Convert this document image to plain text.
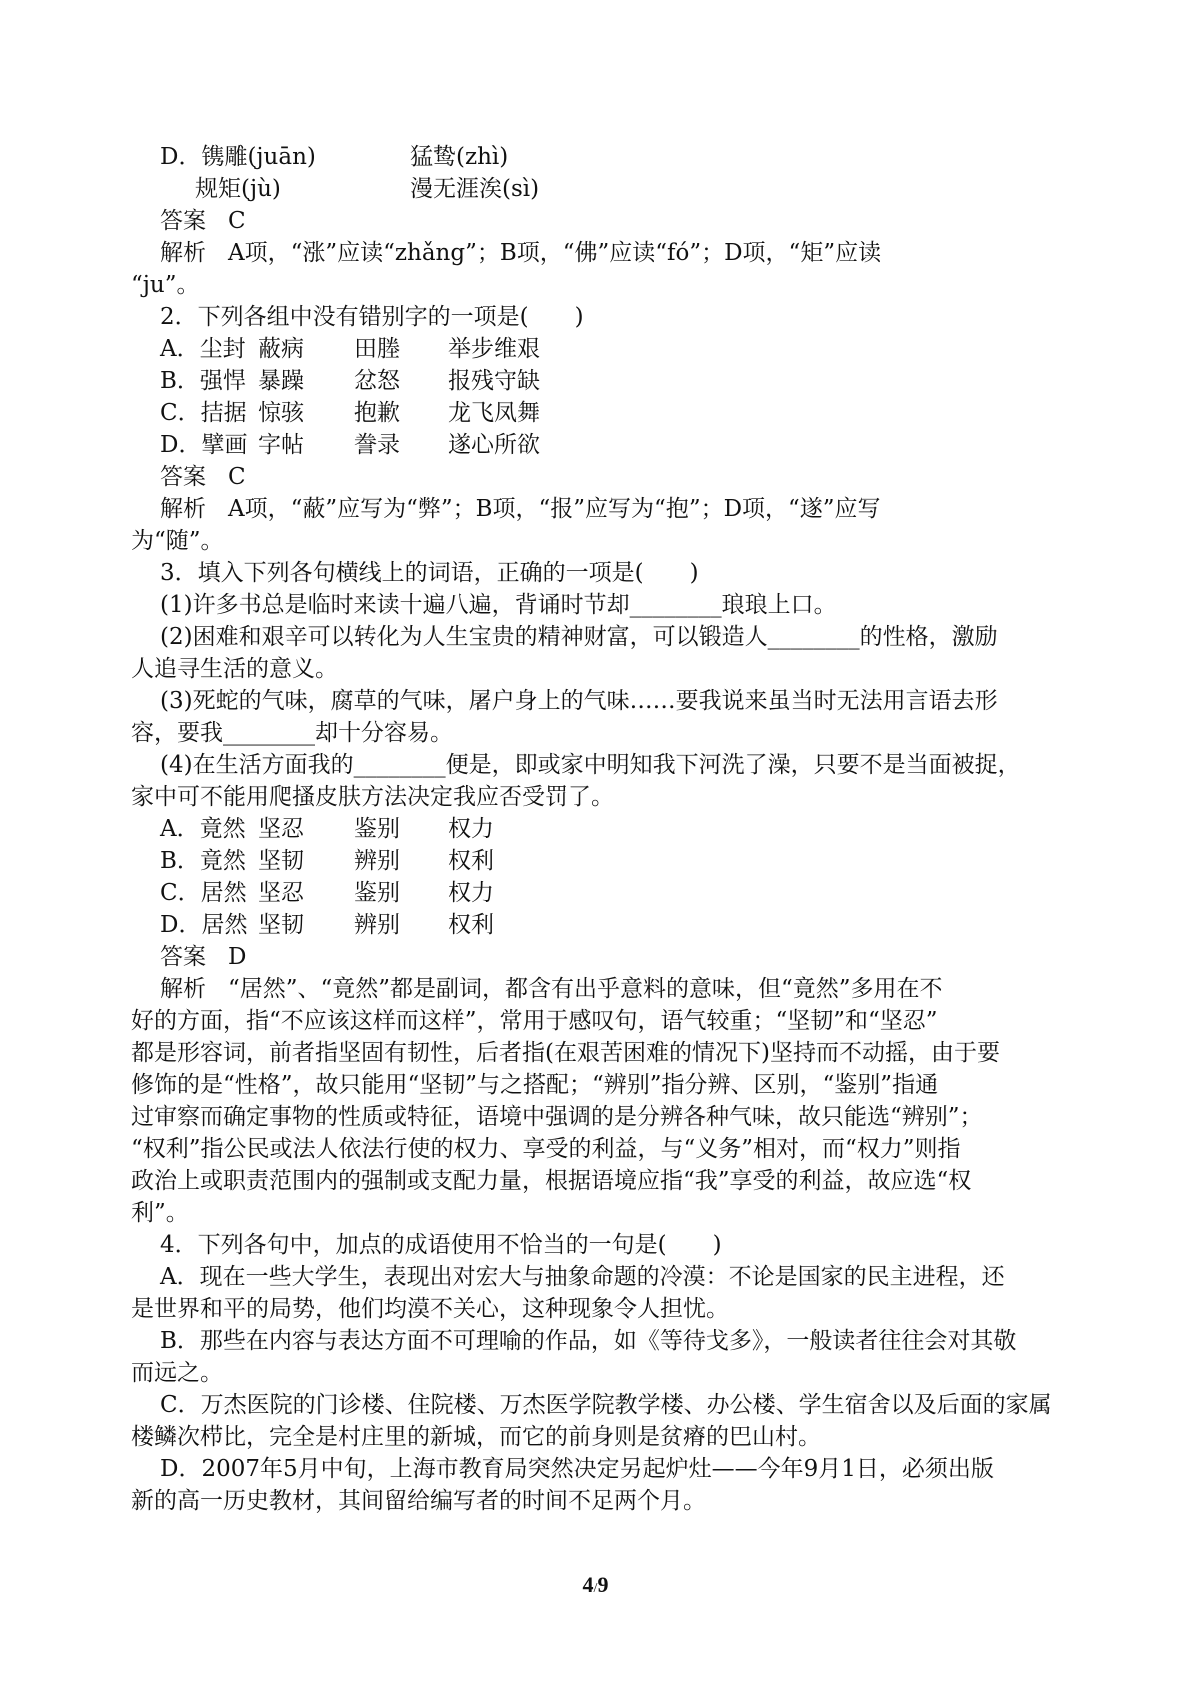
D．镌雕(juān)	猛鸷(zhì)
规矩(jù)	漫无涯涘(sì)
答案 C
解析 A项，“涨”应读“zhǎng”；B项，“佛”应读“fó”；D项，“矩”应读
“ju”。
2．下列各组中没有错别字的一项是(　　)
A．尘封 蔽病	田塍	举步维艰
B．强悍 暴躁	忿怒	报残守缺
C．拮据 惊骇	抱歉	龙飞凤舞
D．擘画 字帖	誊录	遂心所欲
答案 C
解析 A项，“蔽”应写为“弊”；B项，“报”应写为“抱”；D项，“遂”应写
为“随”。
3．填入下列各句横线上的词语，正确的一项是(　　)
(1)许多书总是临时来读十遍八遍，背诵时节却________琅琅上口。
(2)困难和艰辛可以转化为人生宝贵的精神财富，可以锻造人________的性格，激励
人追寻生活的意义。
(3)死蛇的气味，腐草的气味，屠户身上的气味……要我说来虽当时无法用言语去形
容，要我________却十分容易。
(4)在生活方面我的________便是，即或家中明知我下河洗了澡，只要不是当面被捉，
家中可不能用爬搔皮肤方法决定我应否受罚了。
A．竟然 坚忍	鉴别	权力
B．竟然 坚韧	辨别	权利
C．居然 坚忍	鉴别	权力
D．居然 坚韧	辨别	权利
答案 D
解析 “居然”、“竟然”都是副词，都含有出乎意料的意味，但“竟然”多用在不
好的方面，指“不应该这样而这样”，常用于感叹句，语气较重；“坚韧”和“坚忍”
都是形容词，前者指坚固有韧性，后者指(在艰苦困难的情况下)坚持而不动摇，由于要
修饰的是“性格”，故只能用“坚韧”与之搭配；“辨别”指分辨、区别，“鉴别”指通
过审察而确定事物的性质或特征，语境中强调的是分辨各种气味，故只能选“辨别”；
“权利”指公民或法人依法行使的权力、享受的利益，与“义务”相对，而“权力”则指
政治上或职责范围内的强制或支配力量，根据语境应指“我”享受的利益，故应选“权
利”。
4．下列各句中，加点的成语使用不恰当的一句是(　　)
A．现在一些大学生，表现出对宏大与抽象命题的冷漠：不论是国家的民主进程，还
是世界和平的局势，他们均漠不关心，这种现象令人担忧。
B．那些在内容与表达方面不可理喻的作品，如《等待戈多》，一般读者往往会对其敬
而远之。
C．万杰医院的门诊楼、住院楼、万杰医学院教学楼、办公楼、学生宿舍以及后面的家属
楼鳞次栉比，完全是村庄里的新城，而它的前身则是贫瘠的巴山村。
D．2007年5月中旬，上海市教育局突然决定另起炉灶——今年9月1日，必须出版
新的高一历史教材，其间留给编写者的时间不足两个月。
4/9
